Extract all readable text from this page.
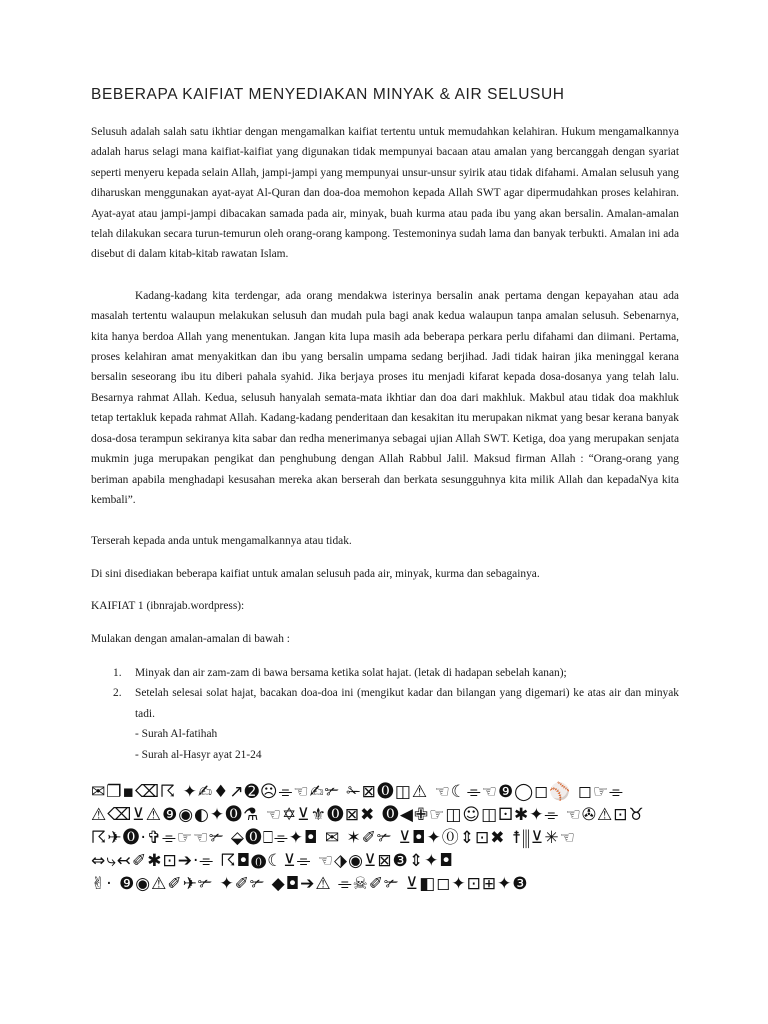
BEBERAPA KAIFIAT MENYEDIAKAN MINYAK & AIR SELUSUH

Selusuh adalah salah satu ikhtiar dengan mengamalkan kaifiat tertentu untuk memudahkan kelahiran. Hukum mengamalkannya adalah harus selagi mana kaifiat-kaifiat yang digunakan tidak mempunyai bacaan atau amalan yang bercanggah dengan syariat seperti menyeru kepada selain Allah, jampi-jampi yang mempunyai unsur-unsur syirik atau tidak difahami. Amalan selusuh yang diharuskan menggunakan ayat-ayat Al-Quran dan doa-doa memohon kepada Allah SWT agar dipermudahkan proses kelahiran. Ayat-ayat atau jampi-jampi dibacakan samada pada air, minyak, buah kurma atau pada ibu yang akan bersalin. Amalan-amalan telah dilakukan secara turun-temurun oleh orang-orang kampong. Testemoninya sudah lama dan banyak terbukti. Amalan ini ada disebut di dalam kitab-kitab rawatan Islam.

Kadang-kadang kita terdengar, ada orang mendakwa isterinya bersalin anak pertama dengan kepayahan atau ada masalah tertentu walaupun melakukan selusuh dan mudah pula bagi anak kedua walaupun tanpa amalan selusuh. Sebenarnya, kita hanya berdoa Allah yang menentukan. Jangan kita lupa masih ada beberapa perkara perlu difahami dan diimani. Pertama, proses kelahiran amat menyakitkan dan ibu yang bersalin umpama sedang berjihad. Jadi tidak hairan jika meninggal kerana bersalin seseorang ibu itu diberi pahala syahid. Jika berjaya proses itu menjadi kifarat kepada dosa-dosanya yang telah lalu. Besarnya rahmat Allah. Kedua, selusuh hanyalah semata-mata ikhtiar dan doa dari makhluk. Makbul atau tidak doa makhluk tetap tertakluk kepada rahmat Allah. Kadang-kadang penderitaan dan kesakitan itu merupakan nikmat yang besar kerana banyak dosa-dosa terampun sekiranya kita sabar dan redha menerimanya sebagai ujian Allah SWT. Ketiga, doa yang merupakan senjata mukmin juga merupakan pengikat dan penghubung dengan Allah Rabbul Jalil. Maksud firman Allah : “Orang-orang yang beriman apabila menghadapi kesusahan mereka akan berserah dan berkata sesungguhnya kita milik Allah dan kepadaNya kita kembali”.

Terserah kepada anda untuk mengamalkannya atau tidak.

Di sini disediakan beberapa kaifiat untuk amalan selusuh pada air, minyak, kurma dan sebagainya.

KAIFIAT 1 (ibnrajab.wordpress):

Mulakan dengan amalan-amalan di bawah :

1. Minyak dan air zam-zam di bawa bersama ketika solat hajat. (letak di hadapan sebelah kanan);
2. Setelah selesai solat hajat, bacakan doa-doa ini (mengikut kadar dan bilangan yang digemari) ke atas air dan minyak tadi.
- Surah Al-fatihah
- Surah al-Hasyr ayat 21-24
✉❐▪⌫☈ ✦✍♦↗➋☹⌯☜✍✃ ✁⊠⓿◫⚠ ☜☾⌯☜❾◯◻⚾ ◻☞⌯
⚠⌫⊻⚠❾◉◐✦⓿⚗ ☜✡⊻⚜⓿⊠✖ ⓿◀✙☞◫☺◫⚀✱✦⌯ ☜✇⚠⊡♉
☈✈⓿·✞⌯☞☜✃ ⬙⓿⎕⌯✦◘ ✉ ✶✐✃ ⊻◘✦⓪⇕⊡✖ ☨⫼⊻✳☜
⇔⤷↢✐✱⊡➔·⌯ ☈◘⓿☾⊻⌯ ☜⬗◉⊻⊠❸⇕✦◘
✌· ❾◉⚠✐✈✃ ✦✐✃ ◆◘➔⚠ ⌯☠✐✃ ⊻◧◻✦⊡⊞✦❸
